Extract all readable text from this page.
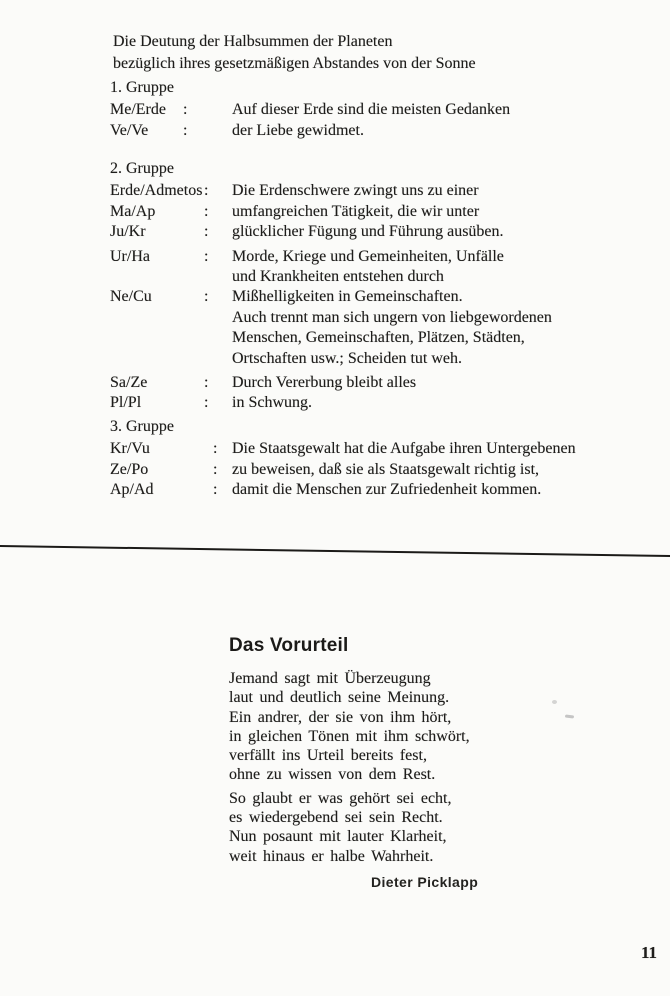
Die Deutung der Halbsummen der Planeten
bezüglich ihres gesetzmäßigen Abstandes von der Sonne
1. Gruppe
Me/Erde :	Auf dieser Erde sind die meisten Gedanken
Ve/Ve :	der Liebe gewidmet.
2. Gruppe
Erde/Admetos : Die Erdenschwere zwingt uns zu einer
Ma/Ap	: umfangreichen Tätigkeit, die wir unter
Ju/Kr	: glücklicher Fügung und Führung ausüben.
Ur/Ha	: Morde, Kriege und Gemeinheiten, Unfälle
und Krankheiten entstehen durch
Ne/Cu	: Mißhelligkeiten in Gemeinschaften.
Auch trennt man sich ungern von liebgewordenen
Menschen, Gemeinschaften, Plätzen, Städten,
Ortschaften usw.; Scheiden tut weh.
Sa/Ze	: Durch Vererbung bleibt alles
Pl/Pl	: in Schwung.
3. Gruppe
Kr/Vu	: Die Staatsgewalt hat die Aufgabe ihren Untergebenen
Ze/Po	: zu beweisen, daß sie als Staatsgewalt richtig ist,
Ap/Ad	: damit die Menschen zur Zufriedenheit kommen.
Das Vorurteil
Jemand sagt mit Überzeugung
laut und deutlich seine Meinung.
Ein andrer, der sie von ihm hört,
in gleichen Tönen mit ihm schwört,
verfällt ins Urteil bereits fest,
ohne zu wissen von dem Rest.
So glaubt er was gehört sei echt,
es wiedergebend sei sein Recht.
Nun posaunt mit lauter Klarheit,
weit hinaus er halbe Wahrheit.
Dieter Picklapp
11
